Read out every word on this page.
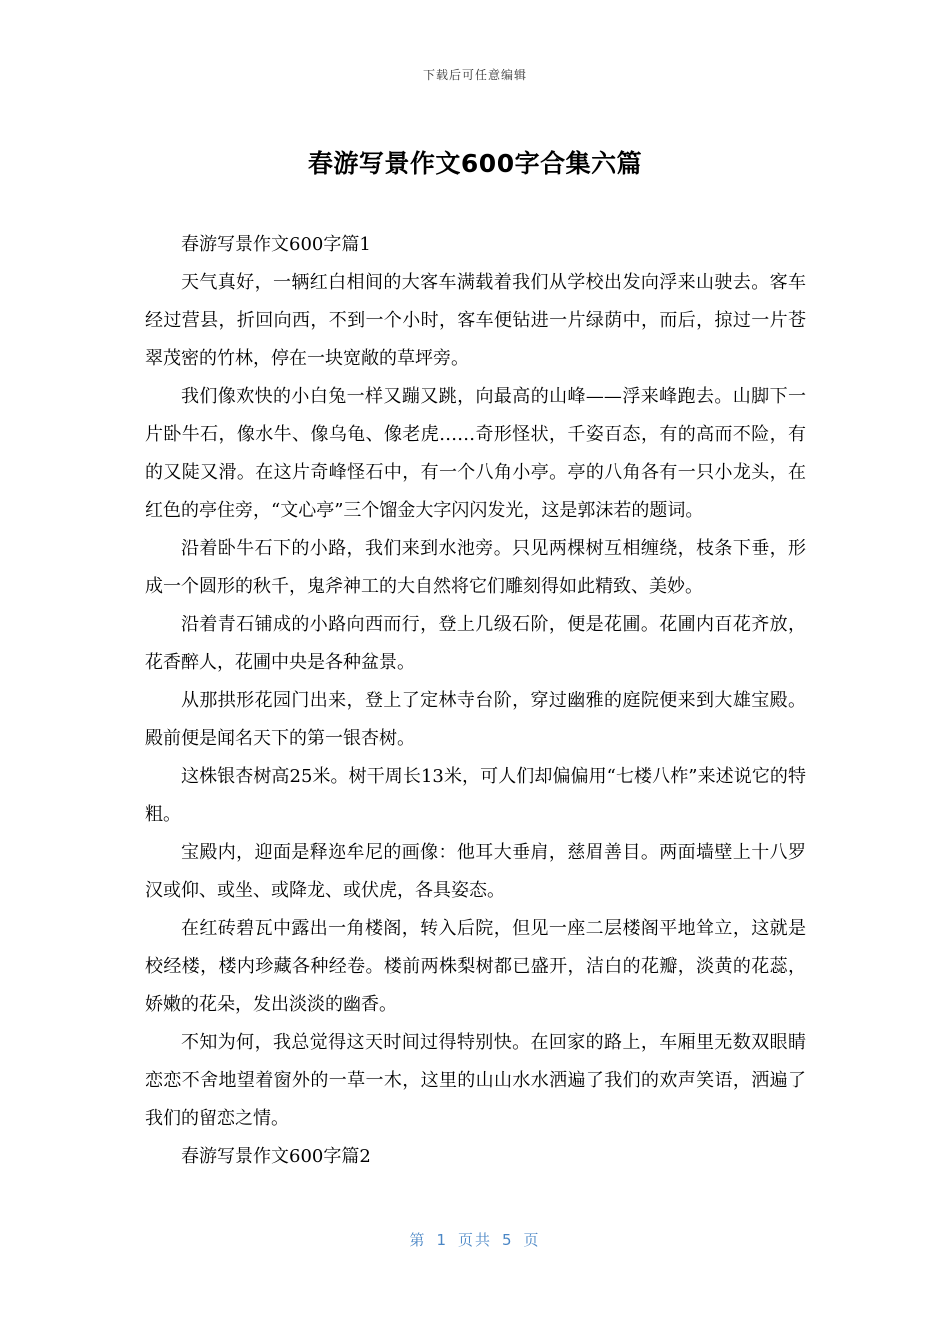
下载后可任意编辑
春游写景作文600字合集六篇

春游写景作文600字篇1

天气真好，一辆红白相间的大客车满载着我们从学校出发向浮来山驶去。客车经过营县，折回向西，不到一个小时，客车便钻进一片绿荫中，而后，掠过一片苍翠茂密的竹林，停在一块宽敞的草坪旁。

我们像欢快的小白兔一样又蹦又跳，向最高的山峰——浮来峰跑去。山脚下一片卧牛石，像水牛、像乌龟、像老虎……奇形怪状，千姿百态，有的高而不险，有的又陡又滑。在这片奇峰怪石中，有一个八角小亭。亭的八角各有一只小龙头，在红色的亭住旁，“文心亭”三个馏金大字闪闪发光，这是郭沫若的题词。

沿着卧牛石下的小路，我们来到水池旁。只见两棵树互相缠绕，枝条下垂，形成一个圆形的秋千，鬼斧神工的大自然将它们雕刻得如此精致、美妙。

沿着青石铺成的小路向西而行，登上几级石阶，便是花圃。花圃内百花齐放，花香醉人，花圃中央是各种盆景。

从那拱形花园门出来，登上了定林寺台阶，穿过幽雅的庭院便来到大雄宝殿。殿前便是闻名天下的第一银杏树。

这株银杏树高25米。树干周长13米，可人们却偏偏用“七楼八柞”来述说它的特粗。

宝殿内，迎面是释迩牟尼的画像：他耳大垂肩，慈眉善目。两面墙壁上十八罗汉或仰、或坐、或降龙、或伏虎，各具姿态。

在红砖碧瓦中露出一角楼阁，转入后院，但见一座二层楼阁平地耸立，这就是校经楼，楼内珍藏各种经卷。楼前两株梨树都已盛开，洁白的花瓣，淡黄的花蕊，娇嫩的花朵，发出淡淡的幽香。

不知为何，我总觉得这天时间过得特别快。在回家的路上，车厢里无数双眼睛恋恋不舍地望着窗外的一草一木，这里的山山水水洒遍了我们的欢声笑语，洒遍了我们的留恋之情。

春游写景作文600字篇2

第 1 页共 5 页
